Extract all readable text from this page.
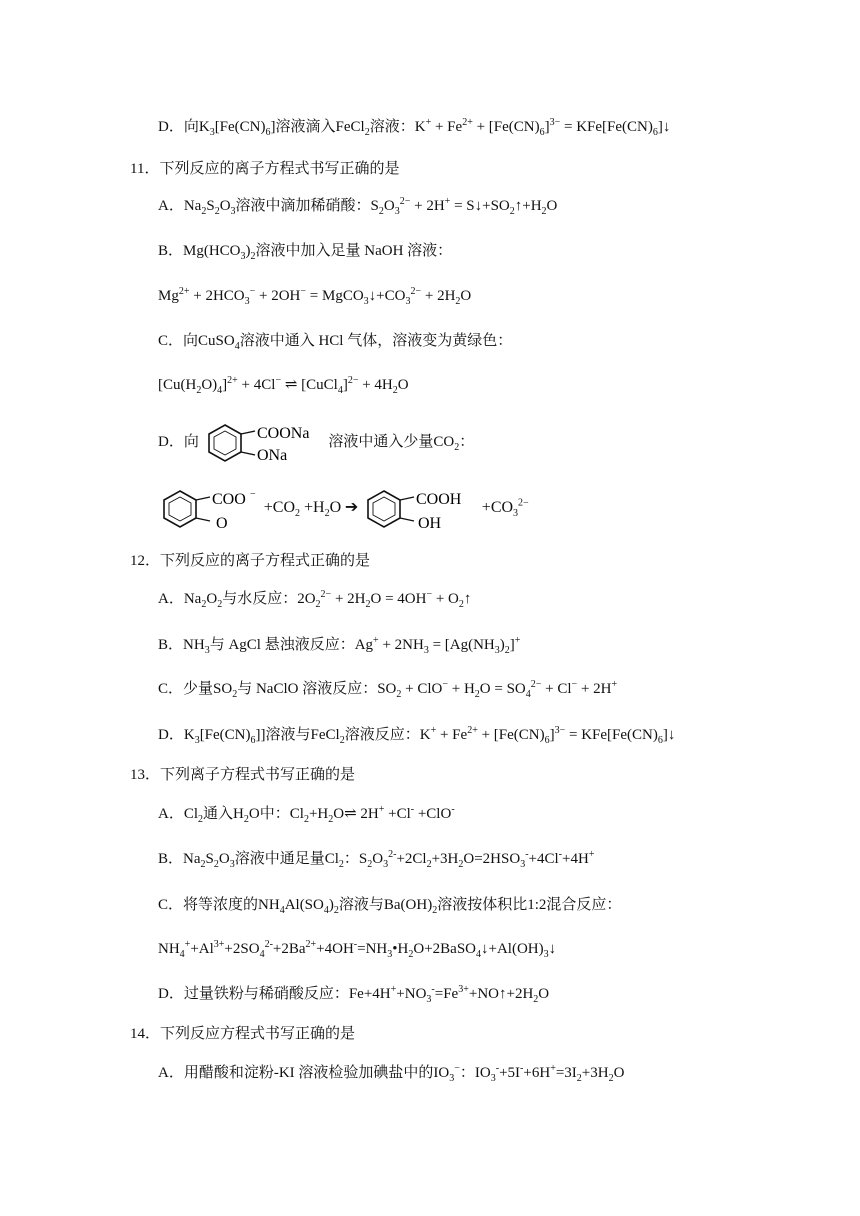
D．向$K_3[Fe(CN)_6]$溶液滴入FeCl$_2$溶液：$K^+ + Fe^{2+} + [Fe(CN)_6]^{3-}$ = $KFe[Fe(CN)_6]↓$
11．下列反应的离子方程式书写正确的是
A．$Na_2S_2O_3$溶液中滴加稀硝酸：$S_2O_3^{2-} + 2H^+$ = $S↓+SO_2↑+H_2O$
B．$Mg(HCO_3)_2$溶液中加入足量 NaOH 溶液：
$Mg^{2+} + 2HCO_3^- + 2OH^-$ = $MgCO_3↓+CO_3^{2-} + 2H_2O$
C．向CuSO$_4$溶液中通入 HCl 气体，溶液变为黄绿色：
$[Cu(H_2O)_4]^{2+} + 4Cl^-$ ⇌ [CuCl$_4$]$^{2-}$ + $4H_2O$
D．向
COONa
ONa
溶液中通入少量$CO_2$：
COO −
O
$+CO_2 +H_2O$ ➔	COOH
OH
$+CO_3^{2-}$
12．下列反应的离子方程式正确的是
A．$Na_2O_2$与水反应：$2O_2^{2-} + 2H_2O = 4OH^-$ + $O_2↑$
B．$NH_3$与 AgCl 悬浊液反应：$Ag^+ + 2NH_3 = [Ag(NH_3)_2]^+$
C．少量$SO_2$与 NaClO 溶液反应：$SO_2 + ClO^- + H_2O = SO_4^{2-} + Cl^- + 2H^+$
D．$K_3[Fe(CN)_6]$]溶液与FeCl$_2$溶液反应：$K^+ + Fe^{2+} + [Fe(CN)_6]^{3-}$ = $KFe[Fe(CN)_6]↓$
13．下列离子方程式书写正确的是
A．$Cl_2$通入$H_2O$中：$Cl_2+H_2O\rightleftharpoons$ 2H+ +Cl- +ClO-
B．$Na_2S_2O_3$溶液中通足量$Cl_2$：$S_2O_3^{2-}+2Cl_2+3H_2O=2HSO_3^-+4Cl^-+4H^+$
C．将等浓度的$NH_4Al(SO_4)_2$溶液与$Ba(OH)_2$溶液按体积比1:2混合反应：
$NH_4^++Al^{3+}+2SO_4^{2-}+2Ba^{2+}+4OH^-=NH_3•H_2O+2BaSO_4↓+Al(OH)_3↓$
D．过量铁粉与稀硝酸反应：$Fe+4H^++NO_3^-=Fe^{3+}+NO↑+2H_2O$
14．下列反应方程式书写正确的是
A．用醋酸和淀粉-KI 溶液检验加碘盐中的$IO_3^-$：$IO_3^-+5I^-+6H^+=3I_2+3H_2O$
